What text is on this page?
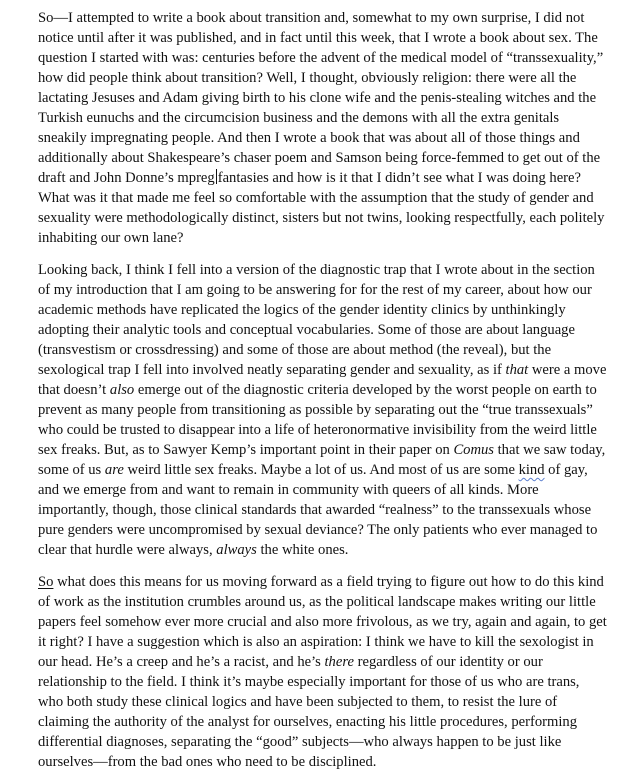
So—I attempted to write a book about transition and, somewhat to my own surprise, I did not
notice until after it was published, and in fact until this week, that I wrote a book about sex. The
question I started with was: centuries before the advent of the medical model of “transsexuality,”
how did people think about transition? Well, I thought, obviously religion: there were all the
lactating Jesuses and Adam giving birth to his clone wife and the penis-stealing witches and the
Turkish eunuchs and the circumcision business and the demons with all the extra genitals
sneakily impregnating people. And then I wrote a book that was about all of those things and
additionally about Shakespeare’s chaser poem and Samson being force-femmed to get out of the
draft and John Donne’s mpreg fantasies and how is it that I didn’t see what I was doing here?
What was it that made me feel so comfortable with the assumption that the study of gender and
sexuality were methodologically distinct, sisters but not twins, looking respectfully, each politely
inhabiting our own lane?
Looking back, I think I fell into a version of the diagnostic trap that I wrote about in the section
of my introduction that I am going to be answering for for the rest of my career, about how our
academic methods have replicated the logics of the gender identity clinics by unthinkingly
adopting their analytic tools and conceptual vocabularies. Some of those are about language
(transvestism or crossdressing) and some of those are about method (the reveal), but the
sexological trap I fell into involved neatly separating gender and sexuality, as if that were a move
that doesn’t also emerge out of the diagnostic criteria developed by the worst people on earth to
prevent as many people from transitioning as possible by separating out the “true transsexuals”
who could be trusted to disappear into a life of heteronormative invisibility from the weird little
sex freaks. But, as to Sawyer Kemp’s important point in their paper on Comus that we saw today,
some of us are weird little sex freaks. Maybe a lot of us. And most of us are some kind of gay,
and we emerge from and want to remain in community with queers of all kinds. More
importantly, though, those clinical standards that awarded “realness” to the transsexuals whose
pure genders were uncompromised by sexual deviance? The only patients who ever managed to
clear that hurdle were always, always the white ones.
So what does this means for us moving forward as a field trying to figure out how to do this kind
of work as the institution crumbles around us, as the political landscape makes writing our little
papers feel somehow ever more crucial and also more frivolous, as we try, again and again, to get
it right? I have a suggestion which is also an aspiration: I think we have to kill the sexologist in
our head. He’s a creep and he’s a racist, and he’s there regardless of our identity or our
relationship to the field. I think it’s maybe especially important for those of us who are trans,
who both study these clinical logics and have been subjected to them, to resist the lure of
claiming the authority of the analyst for ourselves, enacting his little procedures, performing
differential diagnoses, separating the “good” subjects—who always happen to be just like
ourselves—from the bad ones who need to be disciplined.
